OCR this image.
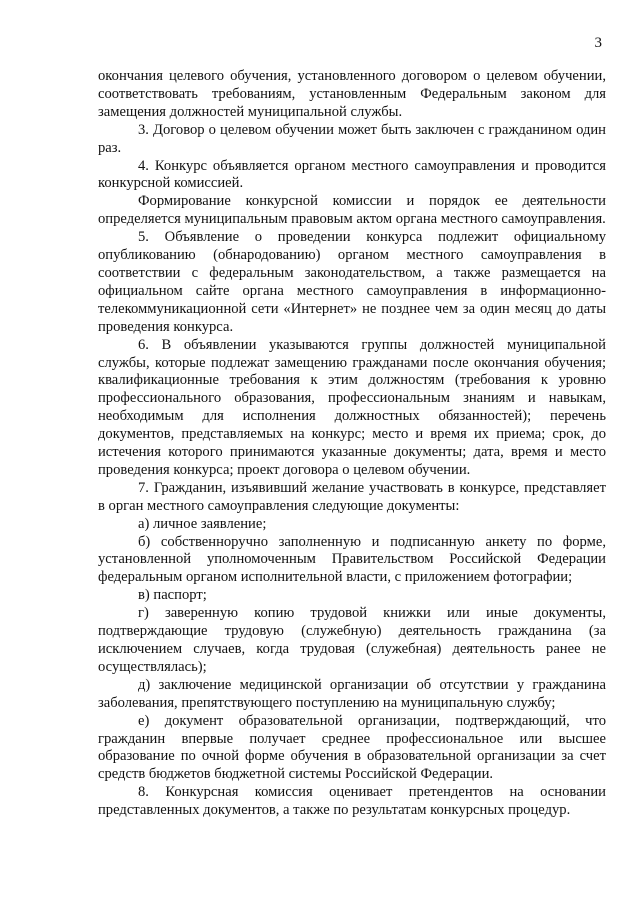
3

окончания целевого обучения, установленного договором о целевом обучении, соответствовать требованиям, установленным Федеральным законом для замещения должностей муниципальной службы.

3. Договор о целевом обучении может быть заключен с гражданином один раз.

4. Конкурс объявляется органом местного самоуправления и проводится конкурсной комиссией.

Формирование конкурсной комиссии и порядок ее деятельности определяется муниципальным правовым актом органа местного самоуправления.

5. Объявление о проведении конкурса подлежит официальному опубликованию (обнародованию) органом местного самоуправления в соответствии с федеральным законодательством, а также размещается на официальном сайте органа местного самоуправления в информационно-телекоммуникационной сети «Интернет» не позднее чем за один месяц до даты проведения конкурса.

6. В объявлении указываются группы должностей муниципальной службы, которые подлежат замещению гражданами после окончания обучения; квалификационные требования к этим должностям (требования к уровню профессионального образования, профессиональным знаниям и навыкам, необходимым для исполнения должностных обязанностей); перечень документов, представляемых на конкурс; место и время их приема; срок, до истечения которого принимаются указанные документы; дата, время и место проведения конкурса; проект договора о целевом обучении.

7. Гражданин, изъявивший желание участвовать в конкурсе, представляет в орган местного самоуправления следующие документы:

а) личное заявление;

б) собственноручно заполненную и подписанную анкету по форме, установленной уполномоченным Правительством Российской Федерации федеральным органом исполнительной власти, с приложением фотографии;

в) паспорт;

г) заверенную копию трудовой книжки или иные документы, подтверждающие трудовую (служебную) деятельность гражданина (за исключением случаев, когда трудовая (служебная) деятельность ранее не осуществлялась);

д) заключение медицинской организации об отсутствии у гражданина заболевания, препятствующего поступлению на муниципальную службу;

е) документ образовательной организации, подтверждающий, что гражданин впервые получает среднее профессиональное или высшее образование по очной форме обучения в образовательной организации за счет средств бюджетов бюджетной системы Российской Федерации.

8. Конкурсная комиссия оценивает претендентов на основании представленных документов, а также по результатам конкурсных процедур.
